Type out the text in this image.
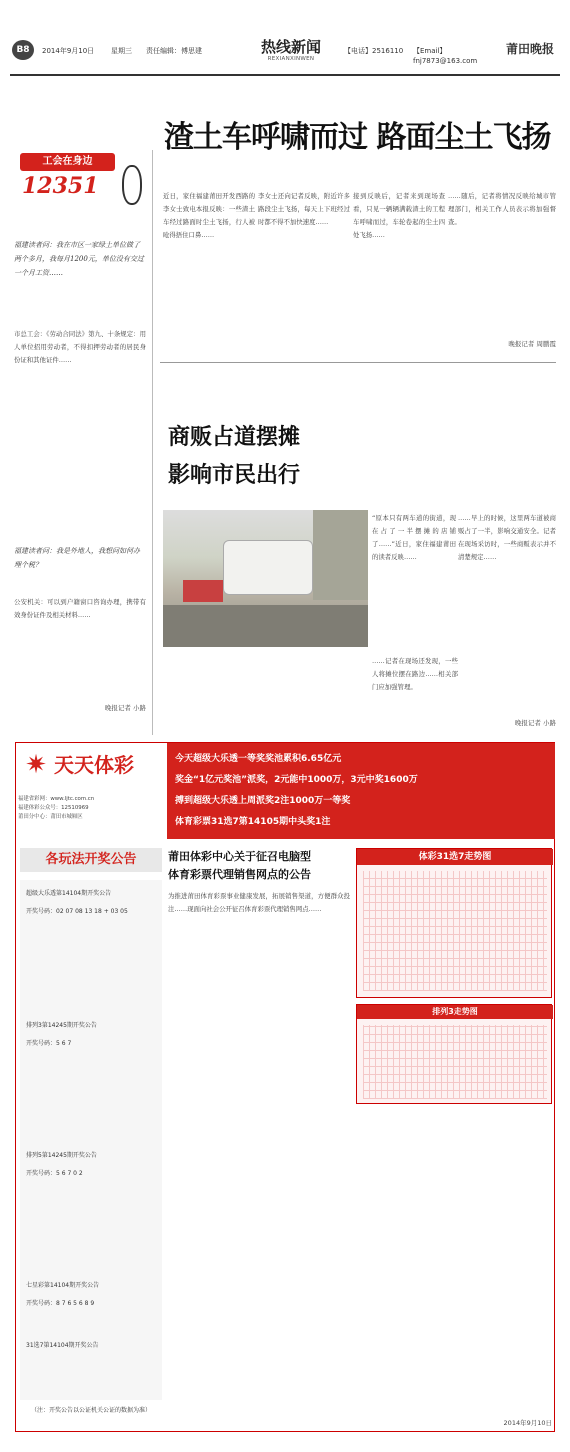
B8	2014年9月10日	星期三	责任编辑：傅思建	热线新闻
REXIANXINWEN
【电话】2516110	【Email】fnj7873@163.com
莆田晚报
渣土车呼啸而过 路面尘土飞扬
工会在身边
12351	近日，家住福建莆田开发西路的李女士致电本报反映：一些渣土车经过路面时尘土飞扬，行人被呛得捂住口鼻……
李女士还向记者反映，附近许多路段尘土飞扬，每天上下班经过时都不得不加快速度……
接到反映后，记者来到现场查看，只见一辆辆满载渣土的工程车呼啸而过，车轮卷起的尘土四处飞扬……
……随后，记者将情况反映给城市管理部门，相关工作人员表示将加强督查。
晚报记者 周鹏霞
福建读者问：我在市区一家绿土单位做了两个多月，我每月1200元，单位没有交过一个月工资……
市总工会：《劳动合同法》第九、十条规定：用人单位招用劳动者，不得扣押劳动者的居民身份证和其他证件……
福建读者问：我是外地人，我想问如何办理个税？
公安机关：可以到户籍窗口咨询办理，携带有效身份证件及相关材料……
晚报记者 小路
商贩占道摆摊
影响市民出行
“原本只有两车道的街道，现在占了一半摆摊的店铺了……”近日，家住福建莆田的读者反映……
……早上的时候，这里两车道被商贩占了一半，影响交通安全。记者在现场采访时，一些商贩表示并不清楚规定……
……记者在现场还发现，一些人将摊位摆在路边……相关部门应加强管理。
晚报记者 小路
✷ 天天体彩
福建省彩网：www.ljtc.com.cn
福建体彩公众号：12510969
莆田分中心：莆田市城厢区
今天超级大乐透一等奖奖池累积6.65亿元
奖金“1亿元奖池”派奖，2元能中1000万，3元中奖1600万
搏到超级大乐透上周派奖2注1000万一等奖
体育彩票31选7第14105期中头奖1注
各玩法开奖公告
超级大乐透第14104期开奖公告
开奖号码：02 07 08 13 18 + 03 05
排列3第14245期开奖公告
开奖号码：5 6 7
排列5第14245期开奖公告
开奖号码：5 6 7 0 2
七星彩第14104期开奖公告
开奖号码：8 7 6 5 6 8 9
31选7第14104期开奖公告
（注：开奖公告以公证机关公证的数据为准）
莆田体彩中心关于征召电脑型
体育彩票代理销售网点的公告
为推进莆田体育彩票事业健康发展，拓展销售渠道，方便群众投注……现面向社会公开征召体育彩票代理销售网点……
体彩31选7走势图
排列3走势图
2014年9月10日
